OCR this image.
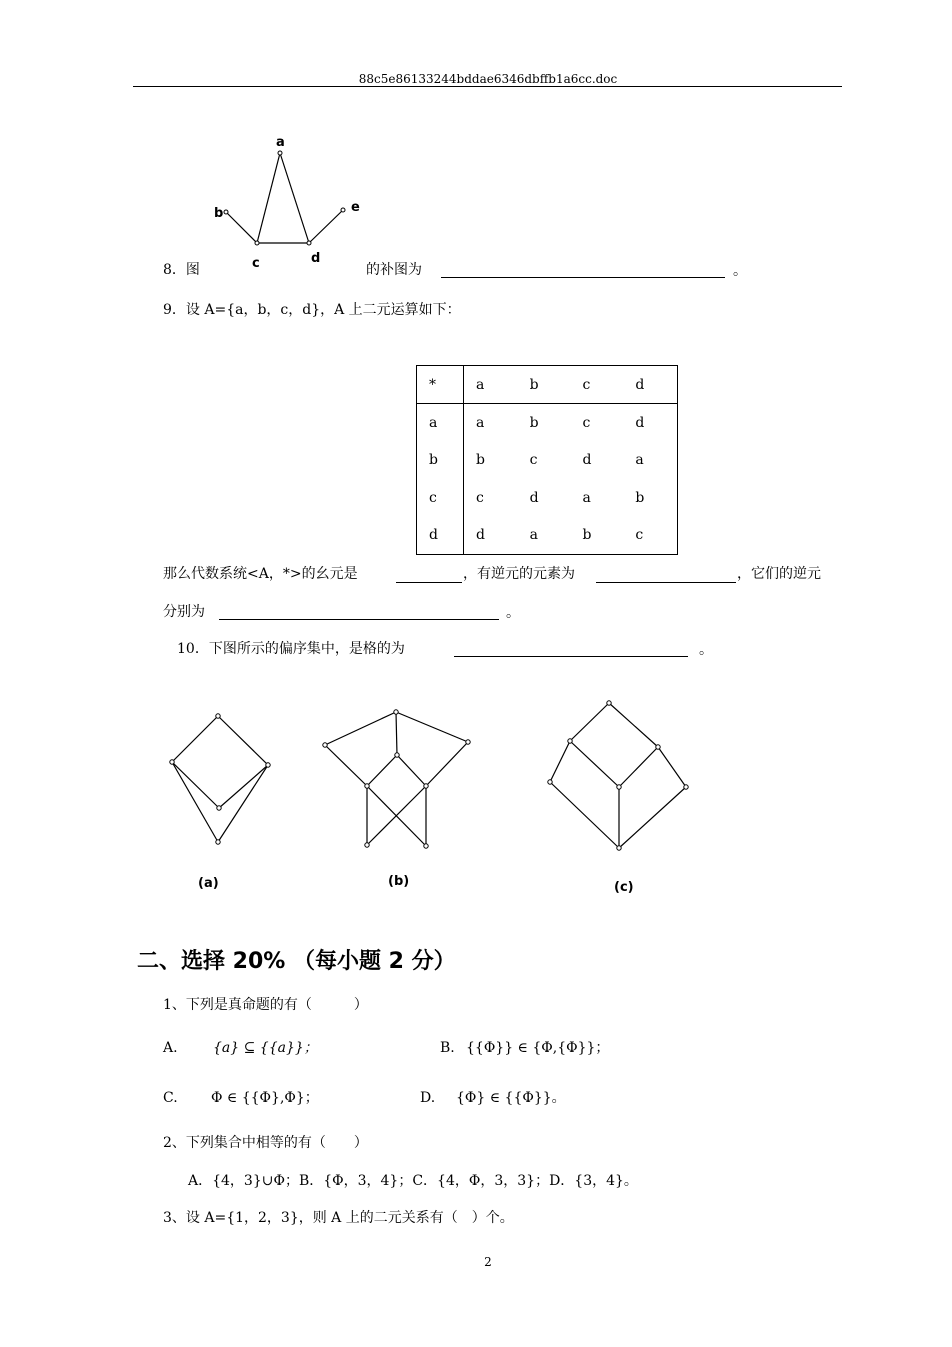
88c5e86133244bddae6346dbffb1a6cc.doc
a
b	e
c	d
8．图	的补图为	。
9．设 A={a，b，c，d}，A 上二元运算如下：
*	a	b	c	d
a	a	b	c	d
b	b	c	d	a
c	c	d	a	b
d	d	a	b	c
那么代数系统<A，*>的幺元是	，有逆元的元素为	，它们的逆元
分别为	。
10．下图所示的偏序集中，是格的为	。
(a)	(b)	(c)
二、选择 20% （每小题 2 分）
1、下列是真命题的有（　　　）
A.	{a} ⊆ {{a}}；	B. {{Φ}} ∈ {Φ,{Φ}}；
C. Φ ∈ {{Φ},Φ}；	D. {Φ} ∈ {{Φ}}。
2、下列集合中相等的有（　　）
A．{4，3}∪Φ；B．{Φ，3，4}；C．{4，Φ，3，3}；D．{3，4}。
3、设 A={1，2，3}，则 A 上的二元关系有（　）个。
2
